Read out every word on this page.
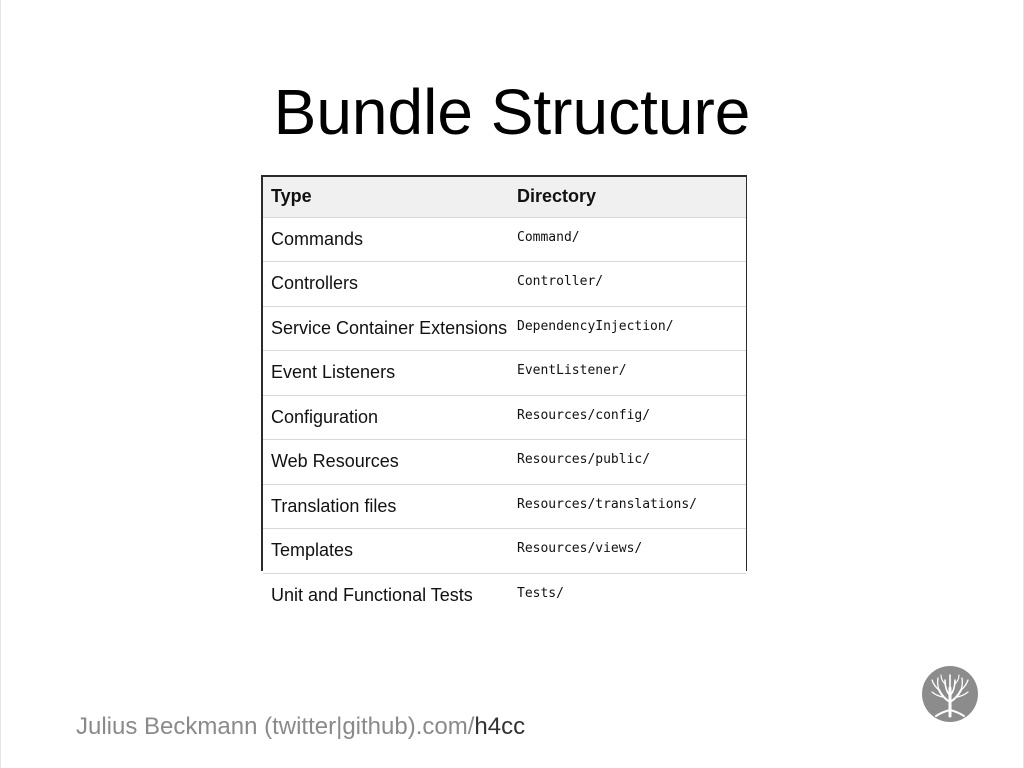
Bundle Structure
Type	Directory
Commands	Command/
Controllers	Controller/
Service Container Extensions	DependencyInjection/
Event Listeners	EventListener/
Configuration	Resources/config/
Web Resources	Resources/public/
Translation files	Resources/translations/
Templates	Resources/views/
Unit and Functional Tests	Tests/
Julius Beckmann (twitter|github).com/h4cc
